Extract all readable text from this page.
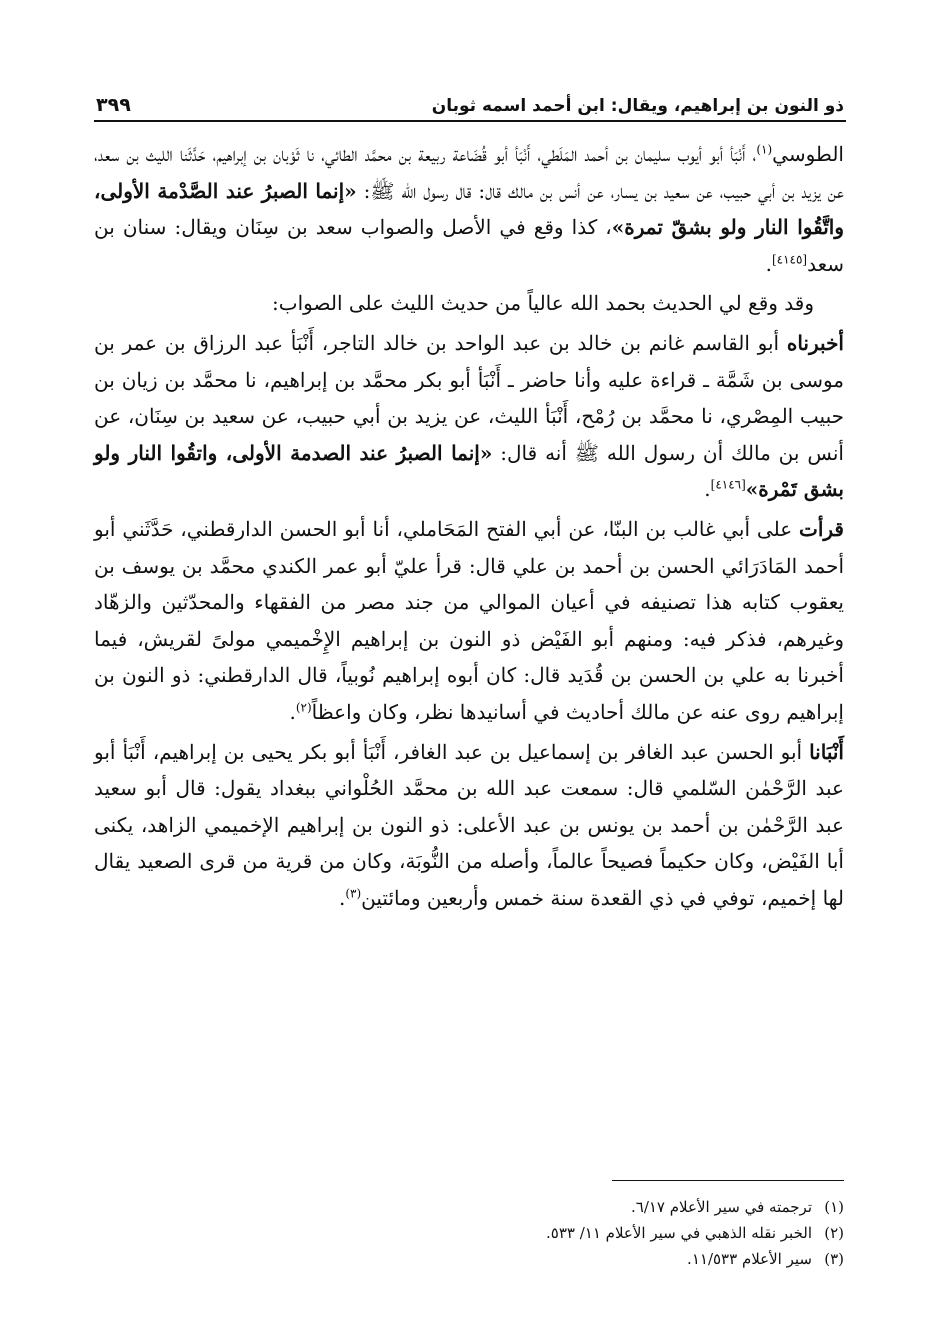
ذو النون بن إبراهيم، ويقال: ابن أحمد اسمه ثوبان
٣٩٩

الطوسي$^{(١)}$، أَنْبَأ أبو أيوب سليمان بن أحمد المَلَطي، أَنْبَأ أبو قُضَاعة ربيعة بن محمَّد الطائي، نا ثَوْبان بن إبراهيم، حَدَّثَنا الليث بن سعد، عن يزيد بن أبي حبيب، عن سعيد بن يسار، عن أنس بن مالك قال: قال رسول الله ﷺ: «إنما الصبرُ عند الصَّدْمة الأولى، واتَّقُوا النار ولو بشقّ تمرة»، كذا وقع في الأصل والصواب سعد بن سِنَان ويقال: سنان بن سعد[٤١٤٥].

وقد وقع لي الحديث بحمد الله عالياً من حديث الليث على الصواب:

أخبرناه أبو القاسم غانم بن خالد بن عبد الواحد بن خالد التاجر، أَنْبَأ عبد الرزاق بن عمر بن موسى بن شَمَّة ـ قراءة عليه وأنا حاضر ـ أَنْبَأ أبو بكر محمَّد بن إبراهيم، نا محمَّد بن زيان بن حبيب المِصْري، نا محمَّد بن رُمْح، أَنْبَأ الليث، عن يزيد بن أبي حبيب، عن سعيد بن سِنَان، عن أنس بن مالك أن رسول الله ﷺ أنه قال: «إنما الصبرُ عند الصدمة الأولى، واتقُوا النار ولو بشق تَمْرة»[٤١٤٦].

قرأت على أبي غالب بن البنّا، عن أبي الفتح المَحَاملي، أنا أبو الحسن الدارقطني، حَدَّثَني أبو أحمد المَادَرَائي الحسن بن أحمد بن علي قال: قرأ عليّ أبو عمر الكندي محمَّد بن يوسف بن يعقوب كتابه هذا تصنيفه في أعيان الموالي من جند مصر من الفقهاء والمحدّثين والزهّاد وغيرهم، فذكر فيه: ومنهم أبو الفَيْض ذو النون بن إبراهيم الإِخْميمي مولىً لقريش، فيما أخبرنا به علي بن الحسن بن قُدَيد قال: كان أبوه إبراهيم نُوبياً، قال الدارقطني: ذو النون بن إبراهيم روى عنه عن مالك أحاديث في أسانيدها نظر، وكان واعظاً$^{(٢)}$.

أَنْبَانا أبو الحسن عبد الغافر بن إسماعيل بن عبد الغافر، أَنْبَأ أبو بكر يحيى بن إبراهيم، أَنْبَأ أبو عبد الرَّحْمٰن السّلمي قال: سمعت عبد الله بن محمَّد الحُلْواني ببغداد يقول: قال أبو سعيد عبد الرَّحْمٰن بن أحمد بن يونس بن عبد الأعلى: ذو النون بن إبراهيم الإخميمي الزاهد، يكنى أبا الفَيْض، وكان حكيماً فصيحاً عالماً، وأصله من النُّوبَة، وكان من قرية من قرى الصعيد يقال لها إخميم، توفي في ذي القعدة سنة خمس وأربعين ومائتين$^{(٣)}$.

(١)ترجمته في سير الأعلام ٦/١٧.

(٢)الخبر نقله الذهبي في سير الأعلام ١١/ ٥٣٣.

(٣)سير الأعلام ١١/٥٣٣.
